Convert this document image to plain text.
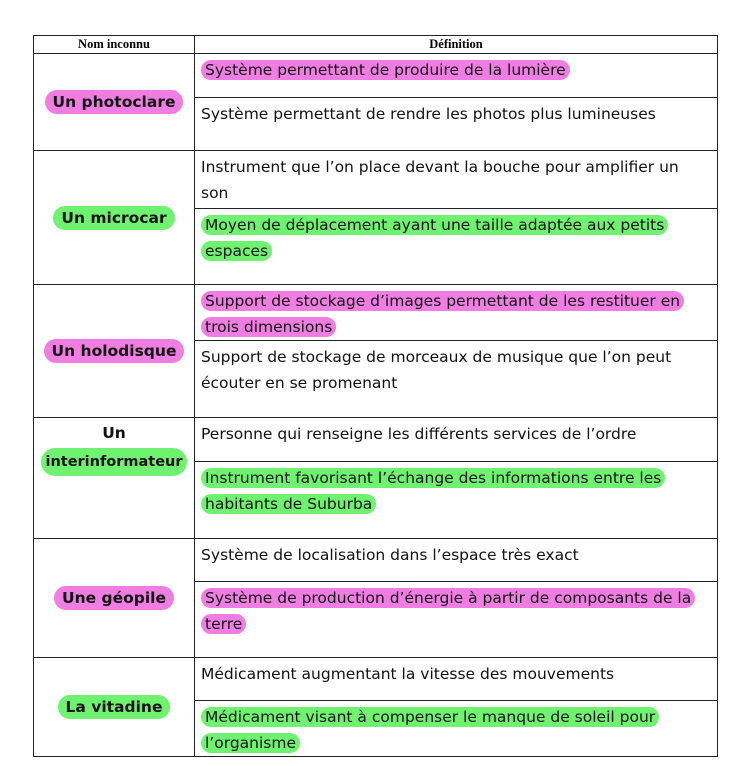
Nom inconnu	Définition
Un photoclare	Système permettant de produire de la lumière
	Système permettant de rendre les photos plus lumineuses
Un microcar	Instrument que l’on place devant la bouche pour amplifier un son
	Moyen de déplacement ayant une taille adaptée aux petits espaces
Un holodisque	Support de stockage d’images permettant de les restituer en trois dimensions
	Support de stockage de morceaux de musique que l’on peut écouter en se promenant

Un
interinformateur	Personne qui renseigne les différents services de l’ordre
	Instrument favorisant l’échange des informations entre les habitants de Suburba
Une géopile	Système de localisation dans l’espace très exact
	Système de production d’énergie à partir de composants de la terre
La vitadine	Médicament augmentant la vitesse des mouvements
	Médicament visant à compenser le manque de soleil pour l’organisme
